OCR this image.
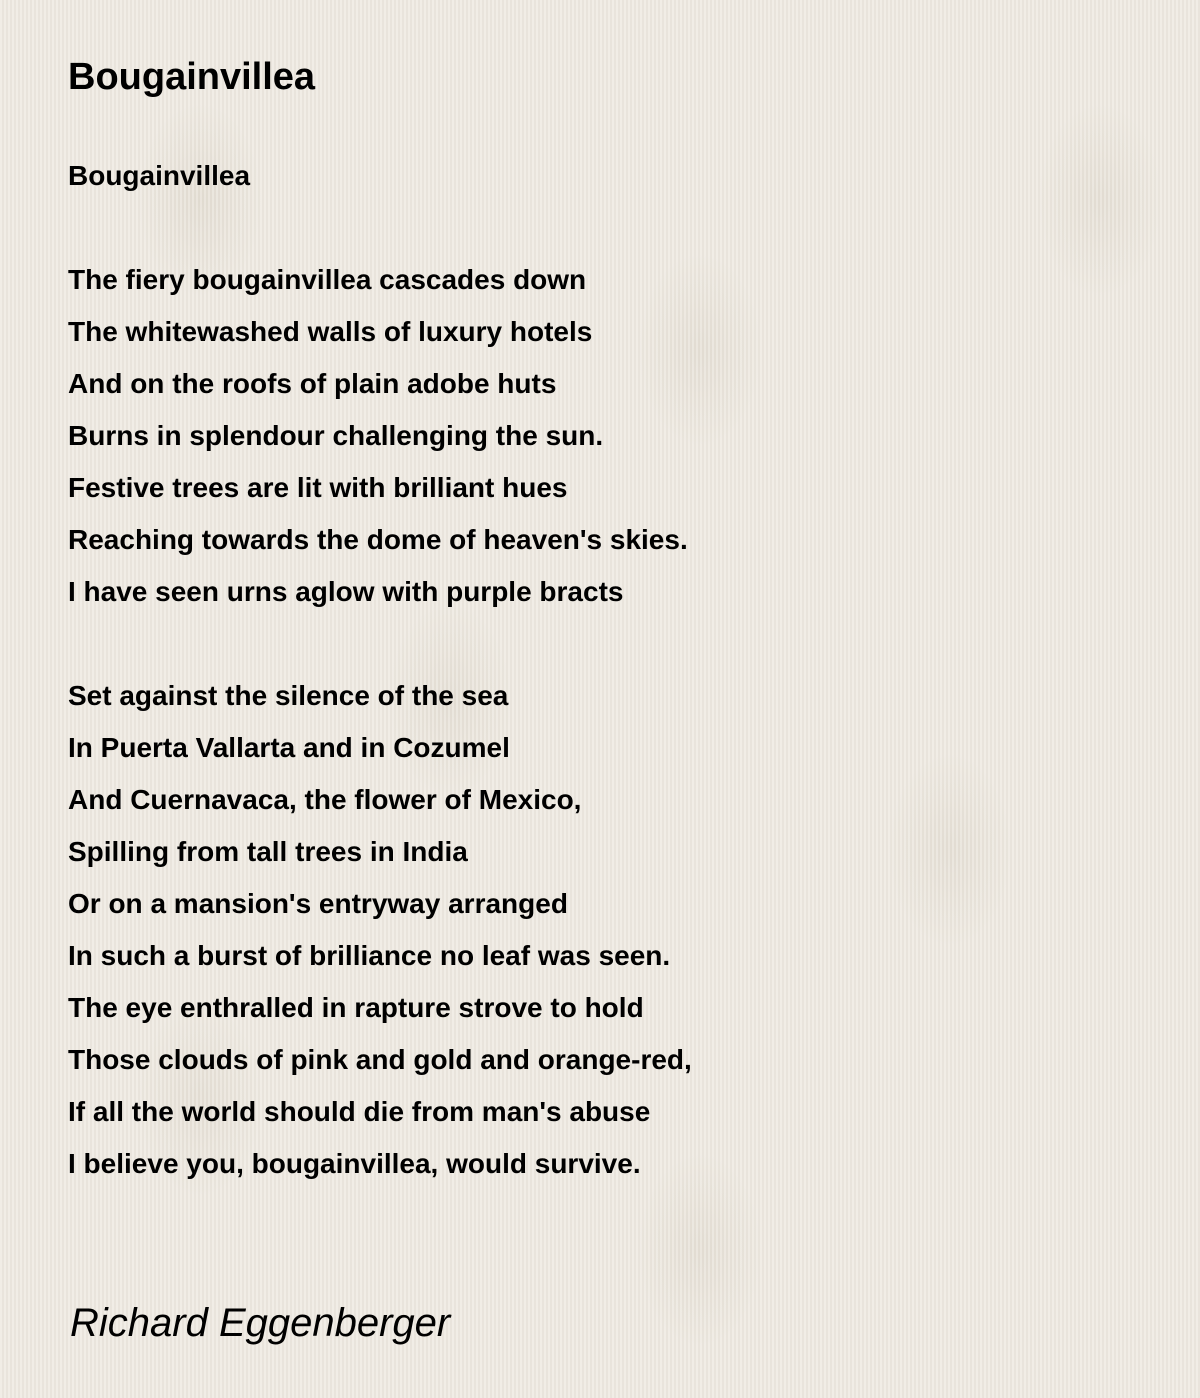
Bougainvillea
Bougainvillea
The fiery bougainvillea cascades down
The whitewashed walls of luxury hotels
And on the roofs of plain adobe huts
Burns in splendour challenging the sun.
Festive trees are lit with brilliant hues
Reaching towards the dome of heaven's skies.
I have seen urns aglow with purple bracts
Set against the silence of the sea
In Puerta Vallarta and in Cozumel
And Cuernavaca, the flower of Mexico,
Spilling from tall trees in India
Or on a mansion's entryway arranged
In such a burst of brilliance no leaf was seen.
The eye enthralled in rapture strove to hold
Those clouds of pink and gold and orange-red,
If all the world should die from man's abuse
I believe you, bougainvillea, would survive.
Richard Eggenberger
